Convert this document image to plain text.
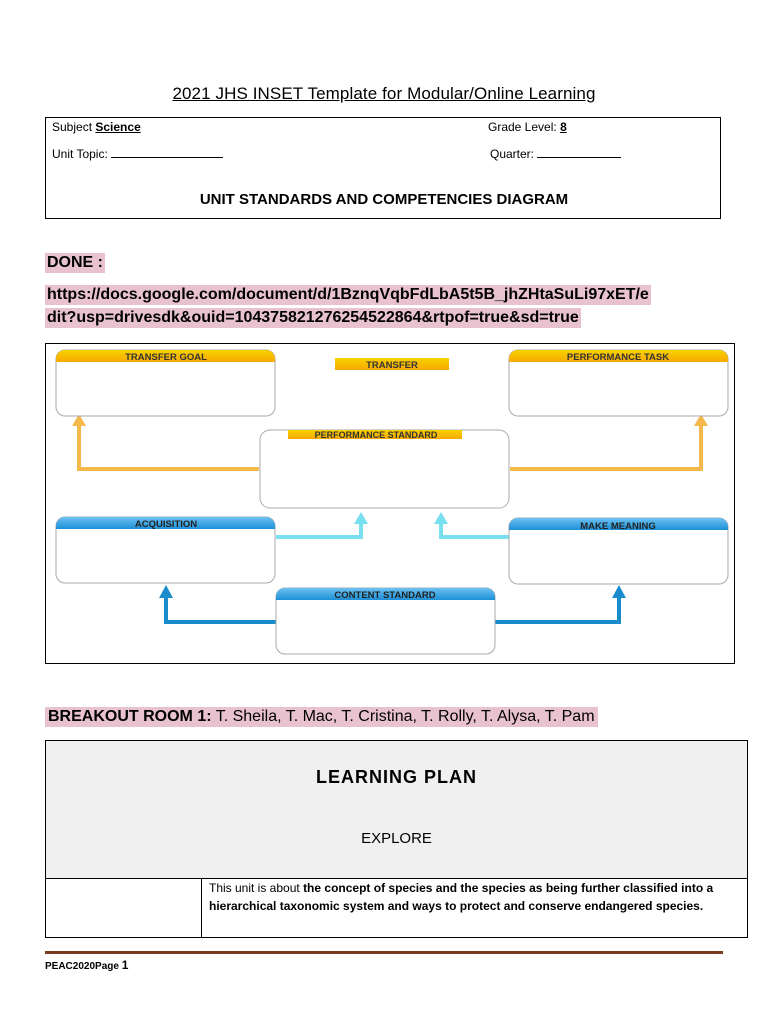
2021 JHS INSET Template for Modular/Online Learning
Subject Science	Grade Level: 8
Unit Topic:	Quarter:
UNIT STANDARDS AND COMPETENCIES DIAGRAM
DONE :
https://docs.google.com/document/d/1BznqVqbFdLbA5t5B_jhZHtaSuLi97xET/e
dit?usp=drivesdk&ouid=104375821276254522864&rtpof=true&sd=true
TRANSFER GOAL
TRANSFER
PERFORMANCE TASK
PERFORMANCE STANDARD
ACQUISITION	MAKE MEANING
CONTENT STANDARD
BREAKOUT ROOM 1: T. Sheila, T. Mac, T. Cristina, T. Rolly, T. Alysa, T. Pam
LEARNING PLAN
EXPLORE
This unit is about the concept of species and the species as being further classified into a hierarchical taxonomic system and ways to protect and conserve endangered species.
PEAC2020Page 1
